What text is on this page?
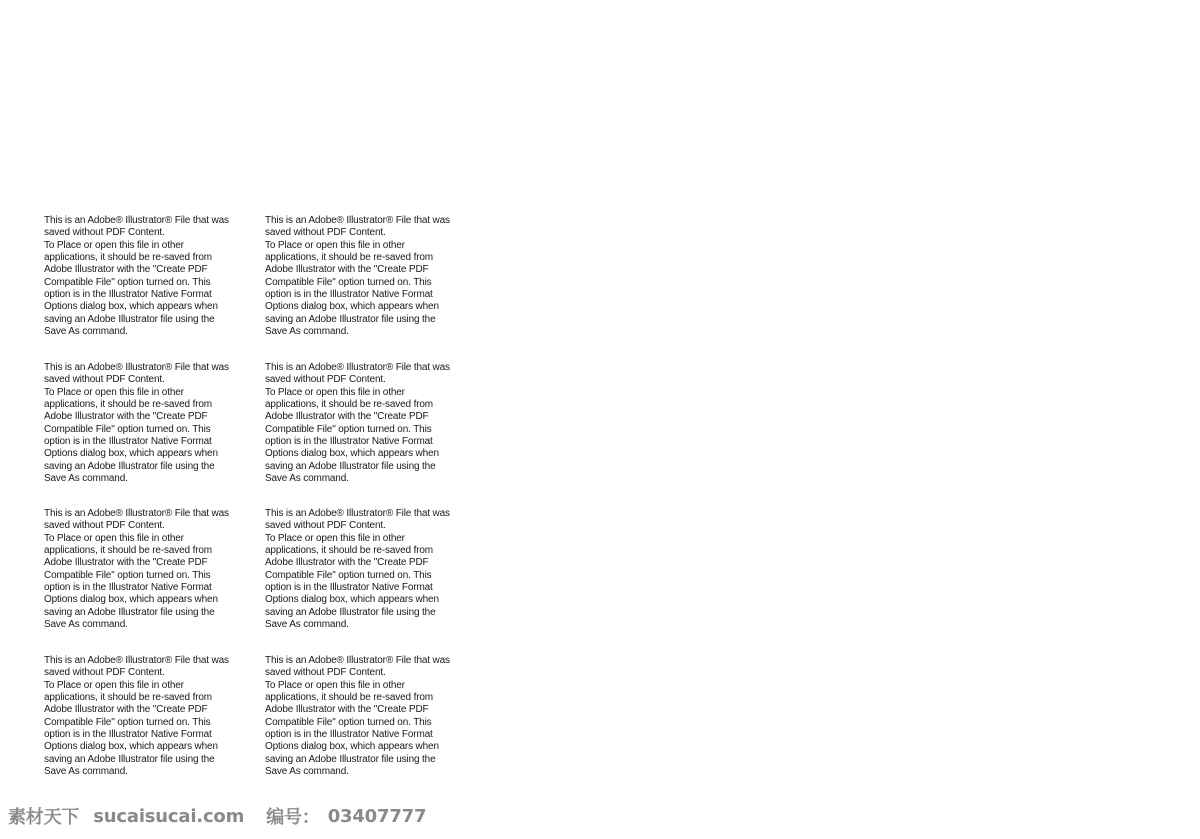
This is an Adobe® Illustrator® File that was
saved without PDF Content.
To Place or open this file in other
applications, it should be re-saved from
Adobe Illustrator with the "Create PDF
Compatible File" option turned on. This
option is in the Illustrator Native Format
Options dialog box, which appears when
saving an Adobe Illustrator file using the
Save As command.
This is an Adobe® Illustrator® File that was
saved without PDF Content.
To Place or open this file in other
applications, it should be re-saved from
Adobe Illustrator with the "Create PDF
Compatible File" option turned on. This
option is in the Illustrator Native Format
Options dialog box, which appears when
saving an Adobe Illustrator file using the
Save As command.
This is an Adobe® Illustrator® File that was
saved without PDF Content.
To Place or open this file in other
applications, it should be re-saved from
Adobe Illustrator with the "Create PDF
Compatible File" option turned on. This
option is in the Illustrator Native Format
Options dialog box, which appears when
saving an Adobe Illustrator file using the
Save As command.
This is an Adobe® Illustrator® File that was
saved without PDF Content.
To Place or open this file in other
applications, it should be re-saved from
Adobe Illustrator with the "Create PDF
Compatible File" option turned on. This
option is in the Illustrator Native Format
Options dialog box, which appears when
saving an Adobe Illustrator file using the
Save As command.
This is an Adobe® Illustrator® File that was
saved without PDF Content.
To Place or open this file in other
applications, it should be re-saved from
Adobe Illustrator with the "Create PDF
Compatible File" option turned on. This
option is in the Illustrator Native Format
Options dialog box, which appears when
saving an Adobe Illustrator file using the
Save As command.
This is an Adobe® Illustrator® File that was
saved without PDF Content.
To Place or open this file in other
applications, it should be re-saved from
Adobe Illustrator with the "Create PDF
Compatible File" option turned on. This
option is in the Illustrator Native Format
Options dialog box, which appears when
saving an Adobe Illustrator file using the
Save As command.
This is an Adobe® Illustrator® File that was
saved without PDF Content.
To Place or open this file in other
applications, it should be re-saved from
Adobe Illustrator with the "Create PDF
Compatible File" option turned on. This
option is in the Illustrator Native Format
Options dialog box, which appears when
saving an Adobe Illustrator file using the
Save As command.
This is an Adobe® Illustrator® File that was
saved without PDF Content.
To Place or open this file in other
applications, it should be re-saved from
Adobe Illustrator with the "Create PDF
Compatible File" option turned on. This
option is in the Illustrator Native Format
Options dialog box, which appears when
saving an Adobe Illustrator file using the
Save As command.
素材天下 sucaisucai.com 编号： 03407777
